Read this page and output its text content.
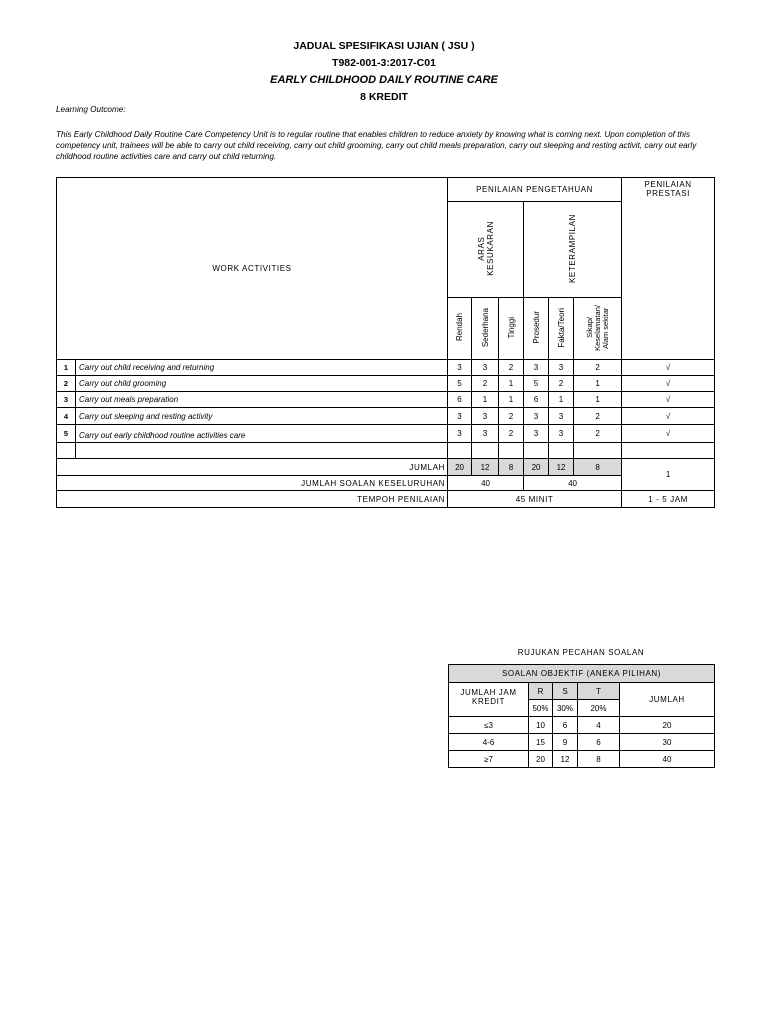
JADUAL SPESIFIKASI UJIAN ( JSU )
T982-001-3:2017-C01
EARLY CHILDHOOD DAILY ROUTINE CARE
8 KREDIT
Learning Outcome:
This Early Childhood Daily Routine Care Competency Unit is to regular routine that enables children to reduce anxiety by knowing what is coming next. Upon completion of this competency unit, trainees will be able to carry out child receiving, carry out child grooming, carry out child meals preparation, carry out sleeping and resting activit, carry out early childhood routine activities care and carry out child returning.
WORK ACTIVITIES		PENILAIAN PENGETAHUAN						PENILAIAN PRESTASI
		ARAS
KESUKARAN			KETERAMPILAN			
		Rendah	Sederhana	Tinggi	Prosedur	Fakta/Teori	Sikap/
Keselamatan/
Alam sekitar	
1	Carry out child receiving and returning	3	3	2	3	3	2	√
2	Carry out child grooming	5	2	1	5	2	1	√
3	Carry out meals preparation	6	1	1	6	1	1	√
4	Carry out sleeping and resting activity	3	3	2	3	3	2	√
5	Carry out early childhood routine activities care	3	3	2	3	3	2	√

JUMLAH		20	12	8	20	12	8	1
JUMLAH SOALAN KESELURUHAN		40			40			
TEMPOH PENILAIAN		45 MINIT						1 - 5 JAM
RUJUKAN PECAHAN SOALAN
SOALAN OBJEKTIF (ANEKA PILIHAN)				
JUMLAH JAM KREDIT	R	S	T	JUMLAH
	50%	30%	20%	
≤3	10	6	4	20
4-6	15	9	6	30
≥7	20	12	8	40
